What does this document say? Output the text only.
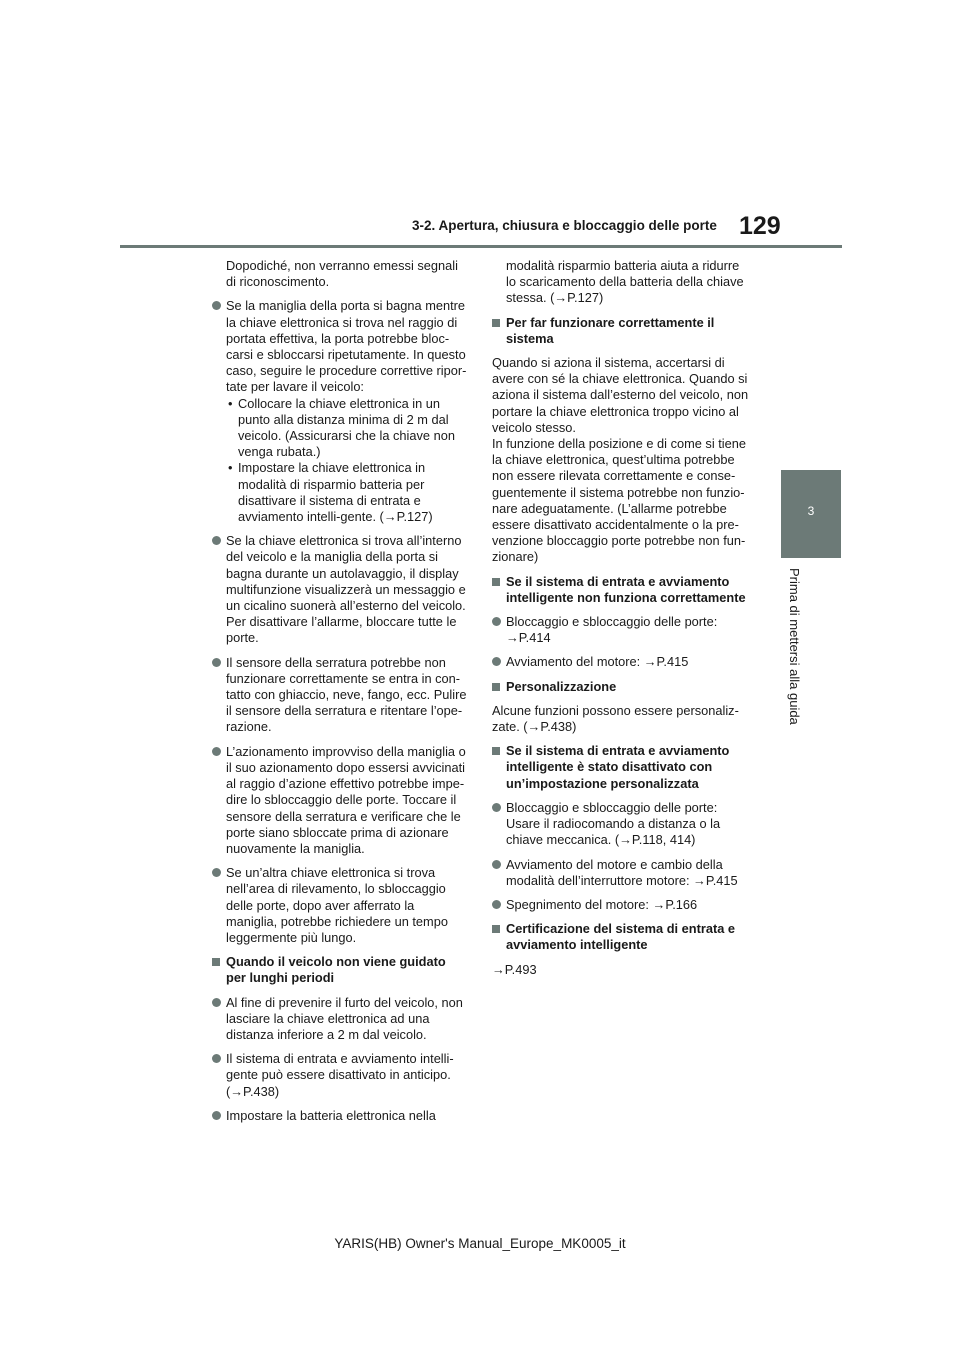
3-2. Apertura, chiusura e bloccaggio delle porte 129
3
Prima di mettersi alla guida

Dopodiché, non verranno emessi segnali di riconoscimento.

Se la maniglia della porta si bagna mentre la chiave elettronica si trova nel raggio di portata effettiva, la porta potrebbe bloc-carsi e sbloccarsi ripetutamente. In questo caso, seguire le procedure correttive ripor-tate per lavare il veicolo:
• Collocare la chiave elettronica in un punto alla distanza minima di 2 m dal veicolo. (Assicurarsi che la chiave non venga rubata.)
• Impostare la chiave elettronica in modalità di risparmio batteria per disattivare il sistema di entrata e avviamento intelli-gente. (→P.127)

Se la chiave elettronica si trova all’interno del veicolo e la maniglia della porta si bagna durante un autolavaggio, il display multifunzione visualizzerà un messaggio e un cicalino suonerà all’esterno del veicolo. Per disattivare l’allarme, bloccare tutte le porte.

Il sensore della serratura potrebbe non funzionare correttamente se entra in con-tatto con ghiaccio, neve, fango, ecc. Pulire il sensore della serratura e ritentare l’ope-razione.

L’azionamento improvviso della maniglia o il suo azionamento dopo essersi avvicinati al raggio d’azione effettivo potrebbe impe-dire lo sbloccaggio delle porte. Toccare il sensore della serratura e verificare che le porte siano sbloccate prima di azionare nuovamente la maniglia.

Se un’altra chiave elettronica si trova nell’area di rilevamento, lo sbloccaggio delle porte, dopo aver afferrato la maniglia, potrebbe richiedere un tempo leggermente più lungo.

Quando il veicolo non viene guidato per lunghi periodi

Al fine di prevenire il furto del veicolo, non lasciare la chiave elettronica ad una distanza inferiore a 2 m dal veicolo.

Il sistema di entrata e avviamento intelli-gente può essere disattivato in anticipo. (→P.438)

Impostare la batteria elettronica nella

modalità risparmio batteria aiuta a ridurre lo scaricamento della batteria della chiave stessa. (→P.127)

Per far funzionare correttamente il sistema

Quando si aziona il sistema, accertarsi di avere con sé la chiave elettronica. Quando si aziona il sistema dall’esterno del veicolo, non portare la chiave elettronica troppo vicino al veicolo stesso.
In funzione della posizione e di come si tiene la chiave elettronica, quest’ultima potrebbe non essere rilevata correttamente e conse-guentemente il sistema potrebbe non funzio-nare adeguatamente. (L’allarme potrebbe essere disattivato accidentalmente o la pre-venzione bloccaggio porte potrebbe non fun-zionare)

Se il sistema di entrata e avviamento intelligente non funziona correttamente

Bloccaggio e sbloccaggio delle porte: →P.414

Avviamento del motore: →P.415

Personalizzazione

Alcune funzioni possono essere personaliz-zate. (→P.438)

Se il sistema di entrata e avviamento intelligente è stato disattivato con un’impostazione personalizzata

Bloccaggio e sbloccaggio delle porte: Usare il radiocomando a distanza o la chiave meccanica. (→P.118, 414)

Avviamento del motore e cambio della modalità dell’interruttore motore: →P.415

Spegnimento del motore: →P.166

Certificazione del sistema di entrata e avviamento intelligente

→P.493

YARIS(HB) Owner's Manual_Europe_MK0005_it
